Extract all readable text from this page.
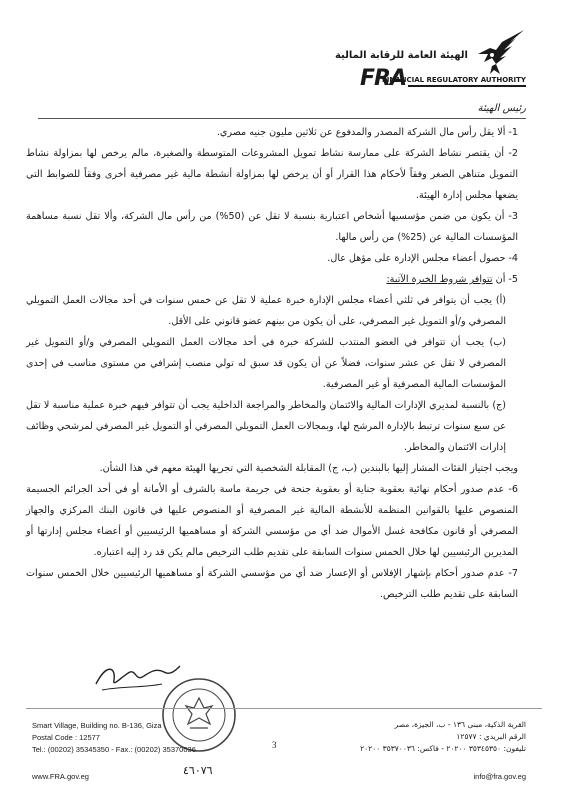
الهيئة العامة للرقابة المالية
FRA
FINANCIAL REGULATORY AUTHORITY
رئيس الهيئة

1- ألا يقل رأس مال الشركة المصدر والمدفوع عن ثلاثين مليون جنيه مصري.

2- أن يقتصر نشاط الشركة على ممارسة نشاط تمويل المشروعات المتوسطة والصغيرة، مالم يرخص لها بمزاولة نشاط التمويل متناهي الصغر وفقاً لأحكام هذا القرار أو أن يرخص لها بمزاولة أنشطة مالية غير مصرفية أخرى وفقاً للضوابط التي يضعها مجلس إدارة الهيئة.

3- أن يكون من ضمن مؤسسيها أشخاص اعتبارية بنسبة لا تقل عن (50%) من رأس مال الشركة، وألا تقل نسبة مساهمة المؤسسات المالية عن (25%) من رأس مالها.

4- حصول أعضاء مجلس الإدارة على مؤهل عال.

5- أن تتوافر شروط الخبرة الآتية:

(أ) يجب أن يتوافر في ثلثي أعضاء مجلس الإدارة خبرة عملية لا تقل عن خمس سنوات في أحد مجالات العمل التمويلي المصرفي و/أو التمويل غير المصرفي، على أن يكون من بينهم عضو قانوني على الأقل.

(ب) يجب أن تتوافر في العضو المنتدب للشركة خبرة في أحد مجالات العمل التمويلي المصرفي و/أو التمويل غير المصرفي لا تقل عن عشر سنوات، فضلاً عن أن يكون قد سبق له تولي منصب إشرافي من مستوى مناسب في إحدى المؤسسات المالية المصرفية أو غير المصرفية.

(ج) بالنسبة لمديري الإدارات المالية والائتمان والمخاطر والمراجعة الداخلية يجب أن تتوافر فيهم خبرة عملية مناسبة لا تقل عن سبع سنوات ترتبط بالإدارة المرشح لها، وبمجالات العمل التمويلي المصرفي أو التمويل غير المصرفي لمرشحي وظائف إدارات الائتمان والمخاطر.

ويجب اجتياز الفئات المشار إليها بالبندين (ب، ج) المقابلة الشخصية التي تجريها الهيئة معهم في هذا الشأن.

6- عدم صدور أحكام نهائية بعقوبة جناية أو بعقوبة جنحة في جريمة ماسة بالشرف أو الأمانة أو في أحد الجرائم الجسيمة المنصوص عليها بالقوانين المنظمة للأنشطة المالية غير المصرفية أو المنصوص عليها في قانون البنك المركزي والجهاز المصرفي أو قانون مكافحة غسل الأموال ضد أي من مؤسسي الشركة أو مساهميها الرئيسيين أو أعضاء مجلس إدارتها أو المديرين الرئيسيين لها خلال الخمس سنوات السابقة على تقديم طلب الترخيص مالم يكن قد رد إليه اعتباره.

7- عدم صدور أحكام بإشهار الإفلاس أو الإعسار ضد أي من مؤسسي الشركة أو مساهميها الرئيسيين خلال الخمس سنوات السابقة على تقديم طلب الترخيص.

Smart Village, Building no. B-136, Giza
Postal Code : 12577
Tel.: (00202) 35345350 - Fax.: (00202) 35370036
www.FRA.gov.eg
القرية الذكية، مبنى ١٣٦ - ب، الجيزة، مصر
الرقم البريدي : ١٢٥٧٧
تليفون: ٣٥٣٤٥٣٥٠ ٢٠٢٠٠ - فاكس: ٣٥٣٧٠٠٣٦ ٢٠٢٠٠
info@fra.gov.eg
3
٤٦٠٧٦
